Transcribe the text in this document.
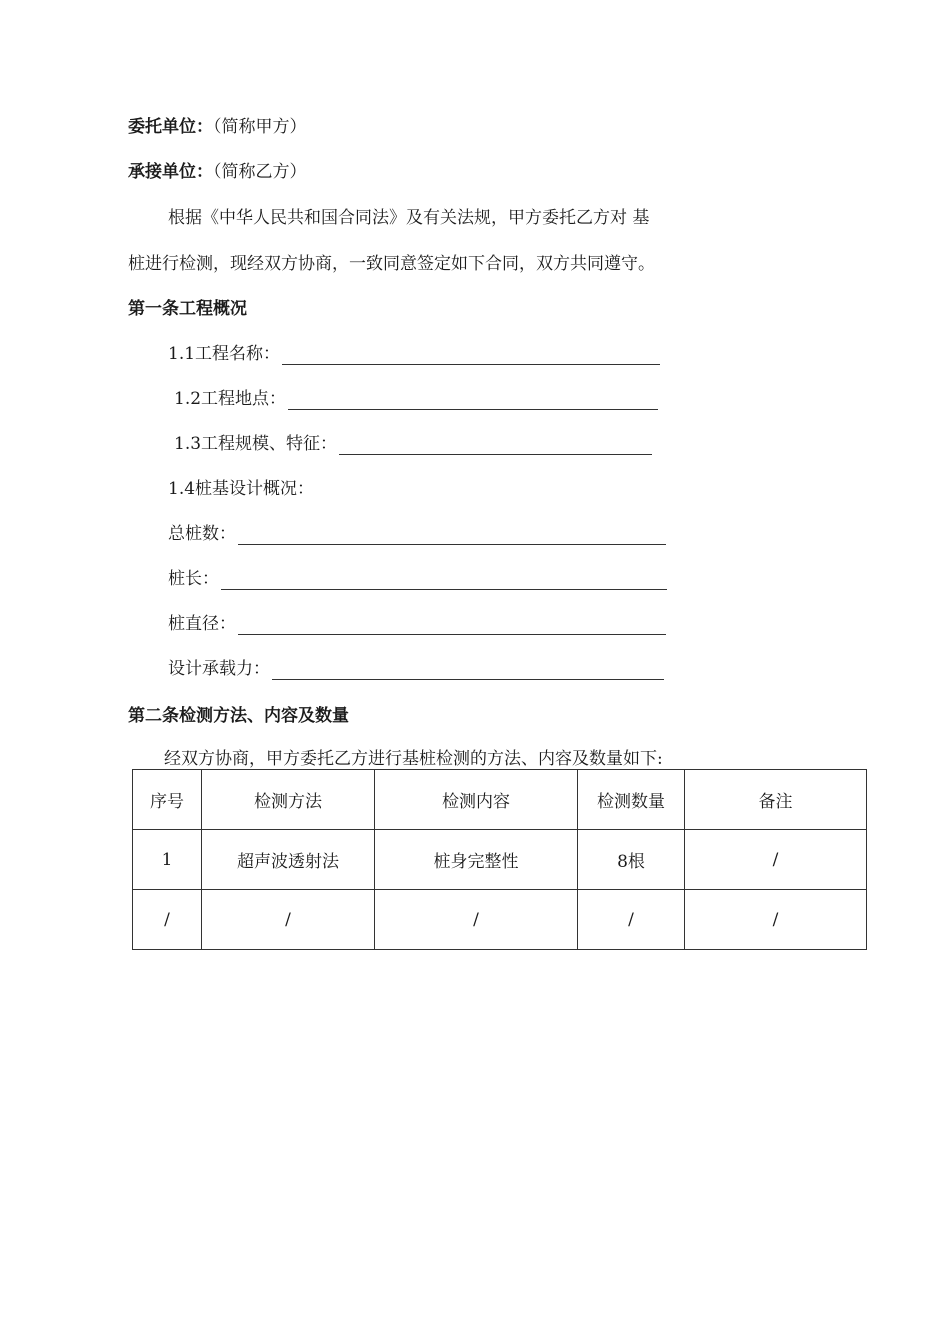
委托单位：（简称甲方）
承接单位：（简称乙方）
根据《中华人民共和国合同法》及有关法规，甲方委托乙方对 基
桩进行检测，现经双方协商，一致同意签定如下合同，双方共同遵守。
第一条工程概况
1.1工程名称：
1.2工程地点：
1.3工程规模、特征：
1.4桩基设计概况：
总桩数：
桩长：
桩直径：
设计承载力：
第二条检测方法、内容及数量
经双方协商，甲方委托乙方进行基桩检测的方法、内容及数量如下:
序号	检测方法	检测内容	检测数量	备注
1	超声波透射法	桩身完整性	8根	/
/	/	/	/	/
